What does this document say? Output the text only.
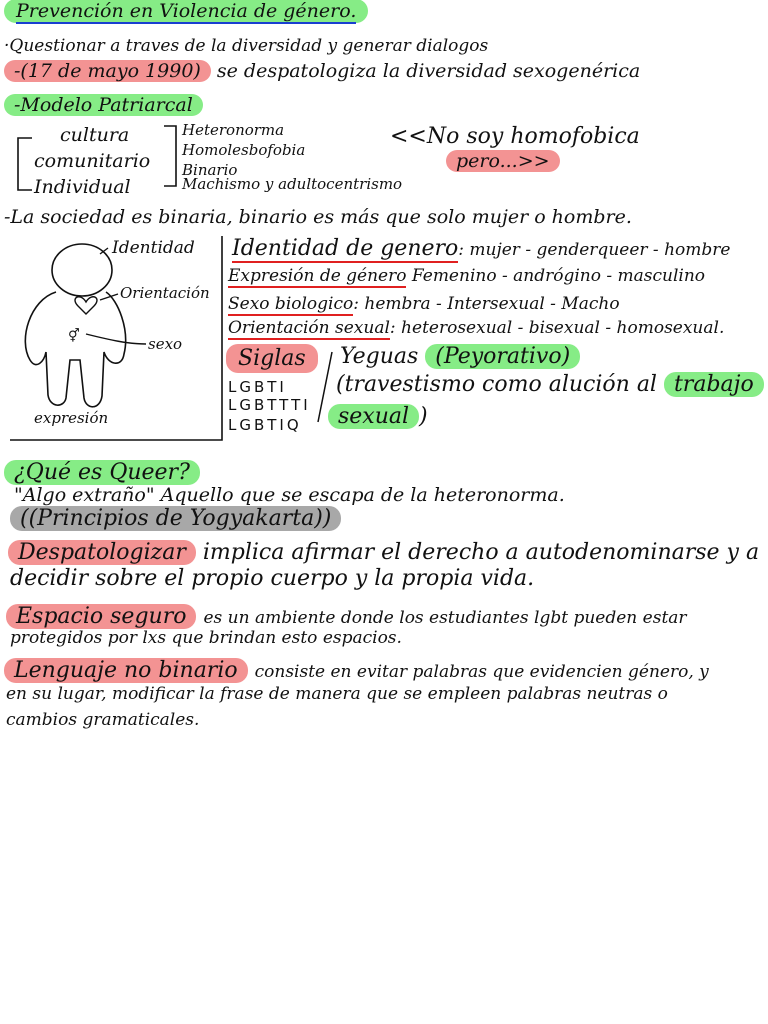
⚥
Prevención en Violencia de género.
·Questionar a traves de la diversidad y generar dialogos
-(17 de mayo 1990) se despatologiza la diversidad sexogenérica
-Modelo Patriarcal
cultura
comunitario
Individual
Heteronorma
Homolesbofobia
Binario
Machismo y adultocentrismo
<<No soy homofobica
pero...>>
-La sociedad es binaria, binario es más que solo mujer o hombre.
Identidad
Orientación
sexo
expresión
Identidad de genero: mujer - genderqueer - hombre
Expresión de género Femenino - andrógino - masculino
Sexo biologico: hembra - Intersexual - Macho
Orientación sexual: heterosexual - bisexual - homosexual.
Siglas
LGBTI
LGBTTTI
LGBTIQ
Yeguas (Peyorativo)
(travestismo como alución al trabajo
sexual )
¿Qué es Queer?
"Algo extraño" Aquello que se escapa de la heteronorma.
((Principios de Yogyakarta))
Despatologizar implica afirmar el derecho a autodenominarse y a
decidir sobre el propio cuerpo y la propia vida.
Espacio seguro es un ambiente donde los estudiantes lgbt pueden estar
protegidos por lxs que brindan esto espacios.
Lenguaje no binario consiste en evitar palabras que evidencien género, y
en su lugar, modificar la frase de manera que se empleen palabras neutras o
cambios gramaticales.
